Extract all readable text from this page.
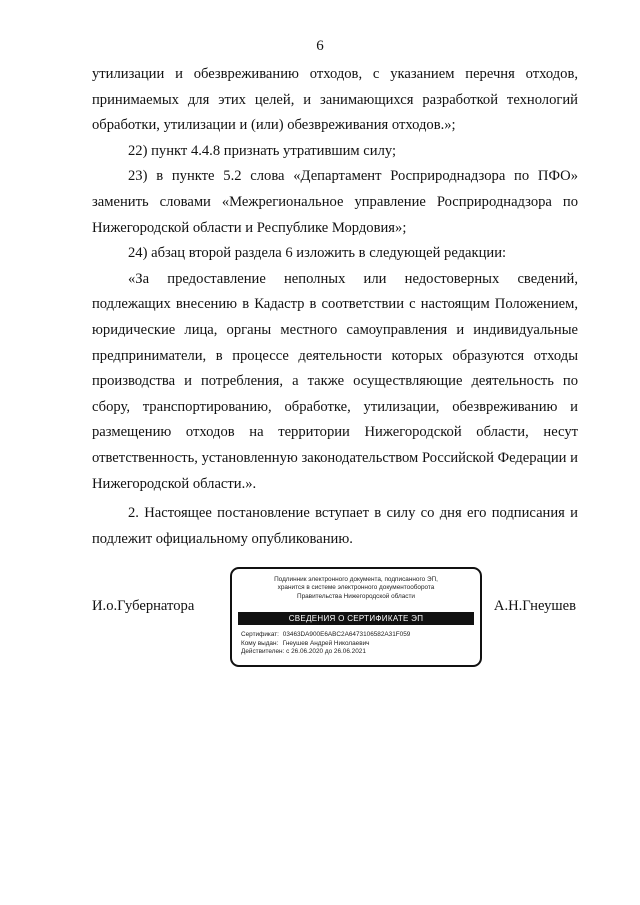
6

утилизации и обезвреживанию отходов, с указанием перечня отходов, принимаемых для этих целей, и занимающихся разработкой технологий обработки, утилизации и (или) обезвреживания отходов.»;

22) пункт 4.4.8 признать утратившим силу;

23) в пункте 5.2 слова «Департамент Росприроднадзора по ПФО» заменить словами «Межрегиональное управление Росприроднадзора по Нижегородской области и Республике Мордовия»;

24) абзац второй раздела 6 изложить в следующей редакции:

«За предоставление неполных или недостоверных сведений, подлежащих внесению в Кадастр в соответствии с настоящим Положением, юридические лица, органы местного самоуправления и индивидуальные предприниматели, в процессе деятельности которых образуются отходы производства и потребления, а также осуществляющие деятельность по сбору, транспортированию, обработке, утилизации, обезвреживанию и размещению отходов на территории Нижегородской области, несут ответственность, установленную законодательством Российской Федерации и Нижегородской области.».

2. Настоящее постановление вступает в силу со дня его подписания и подлежит официальному опубликованию.

И.о.Губернатора	А.Н.Гнеушев
Подлинник электронного документа, подписанного ЭП,
хранится в системе электронного документооборота
Правительства Нижегородской области
СВЕДЕНИЯ О СЕРТИФИКАТЕ ЭП
Сертификат: 03463DA900E6ABC2A6473106582A31F059
Кому выдан: Гнеушев Андрей Николаевич
Действителен: с 26.06.2020 до 26.06.2021
